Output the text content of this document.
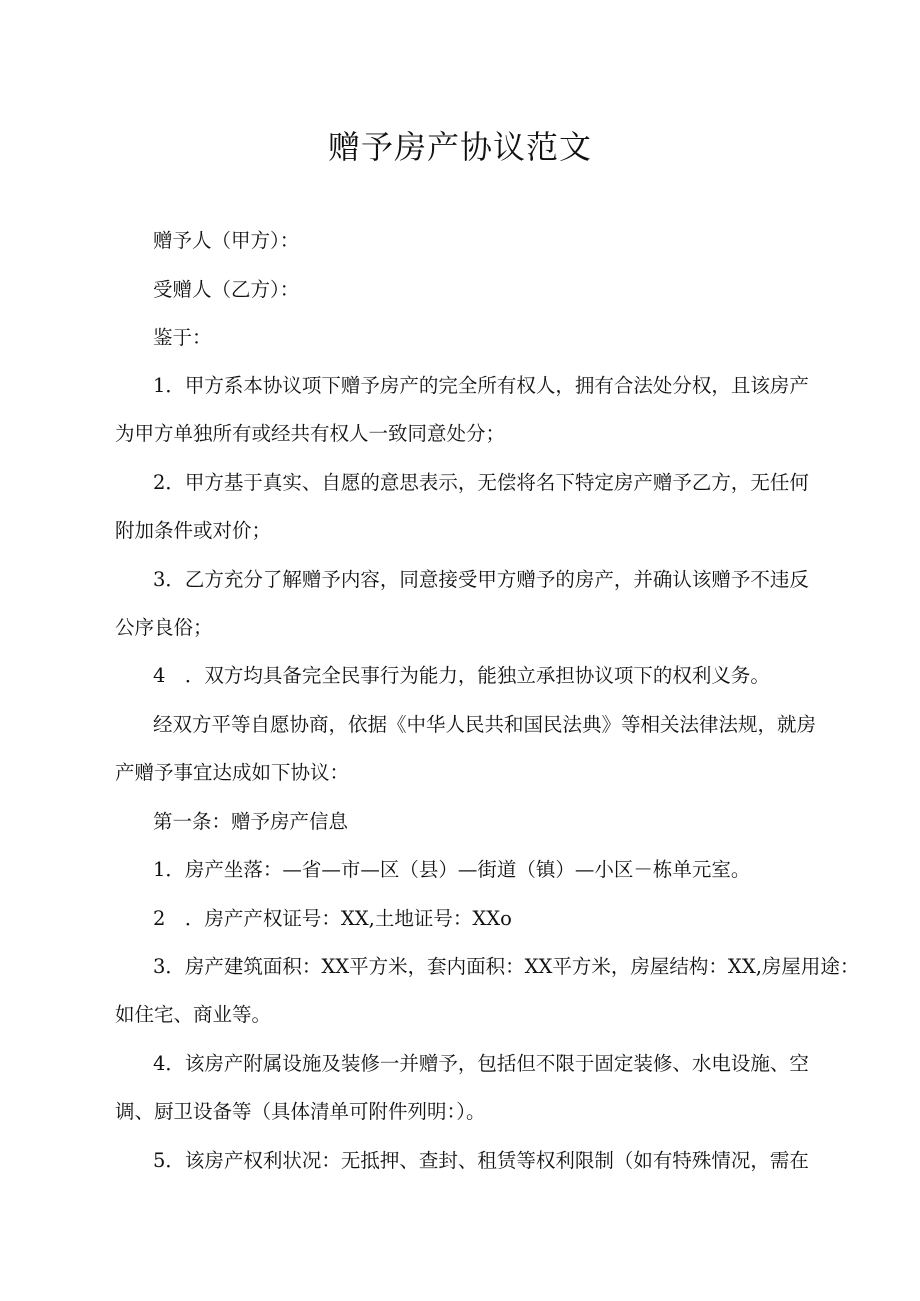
赠予房产协议范文
赠予人（甲方）：
受赠人（乙方）：
鉴于：
1．甲方系本协议项下赠予房产的完全所有权人，拥有合法处分权，且该房产
为甲方单独所有或经共有权人一致同意处分；
2．甲方基于真实、自愿的意思表示，无偿将名下特定房产赠予乙方，无任何
附加条件或对价；
3．乙方充分了解赠予内容，同意接受甲方赠予的房产，并确认该赠予不违反
公序良俗；
4　．双方均具备完全民事行为能力，能独立承担协议项下的权利义务。
经双方平等自愿协商，依据《中华人民共和国民法典》等相关法律法规，就房
产赠予事宜达成如下协议：
第一条：赠予房产信息
1．房产坐落：—省—市—区（县）—街道（镇）—小区－栋单元室。
2　．房产产权证号：XX,土地证号：XXo
3．房产建筑面积：XX平方米，套内面积：XX平方米，房屋结构：XX,房屋用途：
如住宅、商业等。
4．该房产附属设施及装修一并赠予，包括但不限于固定装修、水电设施、空
调、厨卫设备等（具体清单可附件列明：）。
5．该房产权利状况：无抵押、查封、租赁等权利限制（如有特殊情况，需在
